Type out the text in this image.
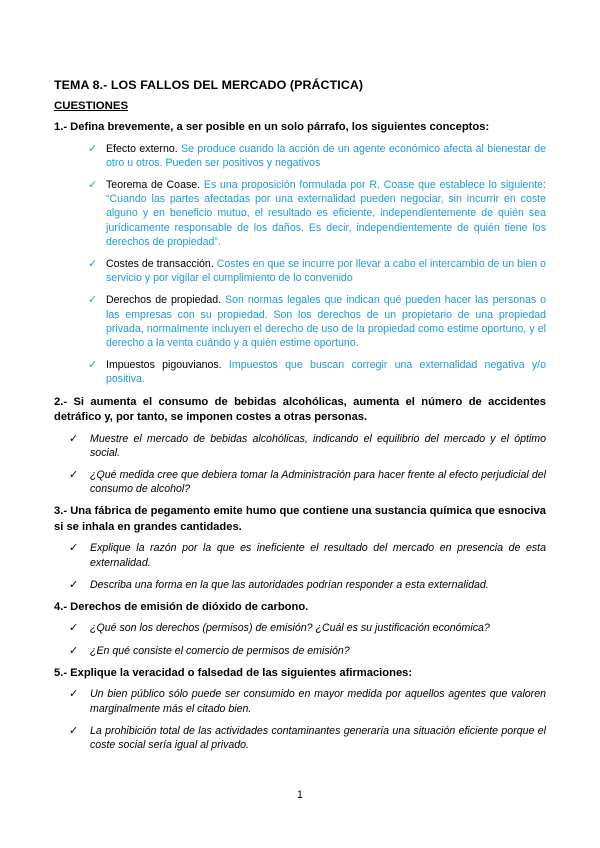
TEMA 8.- LOS FALLOS DEL MERCADO (PRÁCTICA)
CUESTIONES
1.- Defina brevemente, a ser posible en un solo párrafo, los siguientes conceptos:
✓ Efecto externo. Se produce cuando la acción de un agente económico afecta al bienestar de otro u otros. Pueden ser positivos y negativos
✓ Teorema de Coase. Es una proposición formulada por R. Coase que establece lo siguiente: “Cuando las partes afectadas por una externalidad pueden negociar, sin incurrir en coste alguno y en beneficio mutuo, el resultado es eficiente, independientemente de quién sea jurídicamente responsable de los daños. Es decir, independientemente de quién tiene los derechos de propiedad”.
✓ Costes de transacción. Costes en que se incurre por llevar a cabo el intercambio de un bien o servicio y por vigilar el cumplimiento de lo convenido
✓ Derechos de propiedad. Son normas legales que indican qué pueden hacer las personas o las empresas con su propiedad. Son los derechos de un propietario de una propiedad privada, normalmente incluyen el derecho de uso de la propiedad como estime oportuno, y el derecho a la venta cuándo y a quién estime oportuno.
✓ Impuestos pigouvianos. Impuestos que buscan corregir una externalidad negativa y/o positiva.
2.- Si aumenta el consumo de bebidas alcohólicas, aumenta el número de accidentes detráfico y, por tanto, se imponen costes a otras personas.
✓ Muestre el mercado de bebidas alcohólicas, indicando el equilibrio del mercado y el óptimo social.
✓ ¿Qué medida cree que debiera tomar la Administración para hacer frente al efecto perjudicial del consumo de alcohol?
3.- Una fábrica de pegamento emite humo que contiene una sustancia química que esnociva si se inhala en grandes cantidades.
✓ Explique la razón por la que es ineficiente el resultado del mercado en presencia de esta externalidad.
✓ Describa una forma en la que las autoridades podrían responder a esta externalidad.
4.- Derechos de emisión de dióxido de carbono.
✓ ¿Qué son los derechos (permisos) de emisión? ¿Cuál es su justificación económica?
✓ ¿En qué consiste el comercio de permisos de emisión?
5.- Explique la veracidad o falsedad de las siguientes afirmaciones:
✓ Un bien público sólo puede ser consumido en mayor medida por aquellos agentes que valoren marginalmente más el citado bien.
✓ La prohibición total de las actividades contaminantes generaría una situación eficiente porque el coste social sería igual al privado.
1
